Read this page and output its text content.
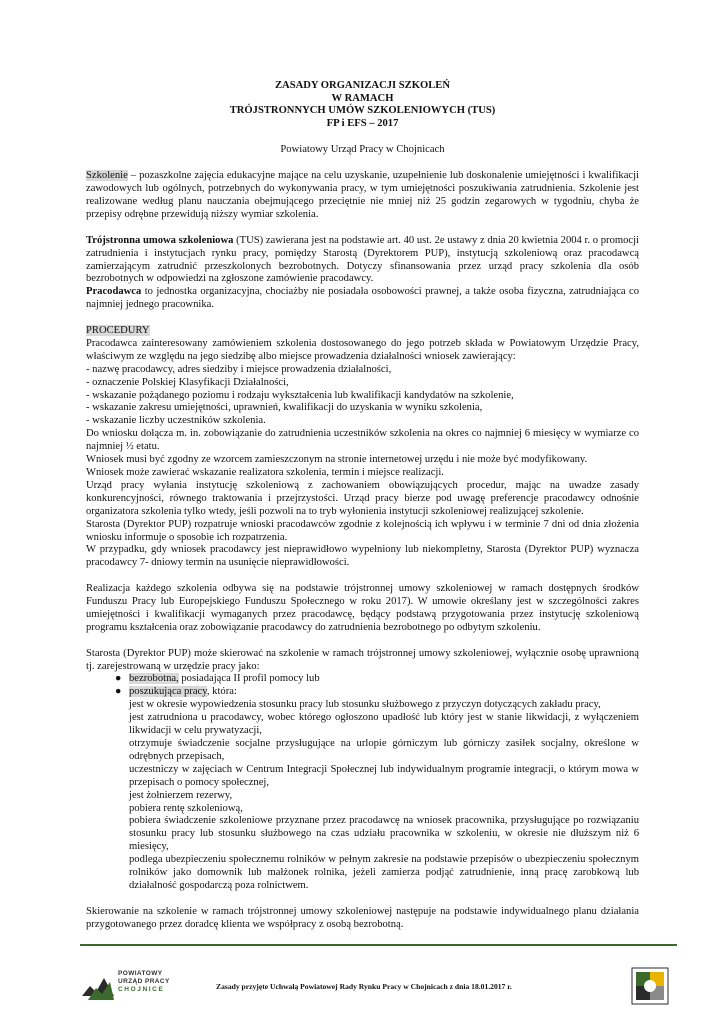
ZASADY ORGANIZACJI SZKOLEŃ
W RAMACH
TRÓJSTRONNYCH UMÓW SZKOLENIOWYCH (TUS)
FP i EFS – 2017
Powiatowy Urząd Pracy w Chojnicach

Szkolenie – pozaszkolne zajęcia edukacyjne mające na celu uzyskanie, uzupełnienie lub doskonalenie umiejętności i kwalifikacji zawodowych lub ogólnych, potrzebnych do wykonywania pracy, w tym umiejętności poszukiwania zatrudnienia. Szkolenie jest realizowane według planu nauczania obejmującego przeciętnie nie mniej niż 25 godzin zegarowych w tygodniu, chyba że przepisy odrębne przewidują niższy wymiar szkolenia.

Trójstronna umowa szkoleniowa (TUS) zawierana jest na podstawie art. 40 ust. 2e ustawy z dnia 20 kwietnia 2004 r. o promocji zatrudnienia i instytucjach rynku pracy, pomiędzy Starostą (Dyrektorem PUP), instytucją szkoleniową oraz pracodawcą zamierzającym zatrudnić przeszkolonych bezrobotnych. Dotyczy sfinansowania przez urząd pracy szkolenia dla osób bezrobotnych w odpowiedzi na zgłoszone zamówienie pracodawcy.

Pracodawca to jednostka organizacyjna, chociażby nie posiadała osobowości prawnej, a także osoba fizyczna, zatrudniająca co najmniej jednego pracownika.

PROCEDURY

Pracodawca zainteresowany zamówieniem szkolenia dostosowanego do jego potrzeb składa w Powiatowym Urzędzie Pracy, właściwym ze względu na jego siedzibę albo miejsce prowadzenia działalności wniosek zawierający:

- nazwę pracodawcy, adres siedziby i miejsce prowadzenia działalności,

- oznaczenie Polskiej Klasyfikacji Działalności,

- wskazanie pożądanego poziomu i rodzaju wykształcenia lub kwalifikacji kandydatów na szkolenie,

- wskazanie zakresu umiejętności, uprawnień, kwalifikacji do uzyskania w wyniku szkolenia,

- wskazanie liczby uczestników szkolenia.

Do wniosku dołącza m. in. zobowiązanie do zatrudnienia uczestników szkolenia na okres co najmniej 6 miesięcy w wymiarze co najmniej ½ etatu.

Wniosek musi być zgodny ze wzorcem zamieszczonym na stronie internetowej urzędu i nie może być modyfikowany.

Wniosek może zawierać wskazanie realizatora szkolenia, termin i miejsce realizacji.

Urząd pracy wyłania instytucję szkoleniową z zachowaniem obowiązujących procedur, mając na uwadze zasady konkurencyjności, równego traktowania i przejrzystości. Urząd pracy bierze pod uwagę preferencje pracodawcy odnośnie organizatora szkolenia tylko wtedy, jeśli pozwoli na to tryb wyłonienia instytucji szkoleniowej realizującej szkolenie.

Starosta (Dyrektor PUP) rozpatruje wnioski pracodawców zgodnie z kolejnością ich wpływu i w terminie 7 dni od dnia złożenia wniosku informuje o sposobie ich rozpatrzenia.

W przypadku, gdy wniosek pracodawcy jest nieprawidłowo wypełniony lub niekompletny, Starosta (Dyrektor PUP) wyznacza pracodawcy 7- dniowy termin na usunięcie nieprawidłowości.

Realizacja każdego szkolenia odbywa się na podstawie trójstronnej umowy szkoleniowej w ramach dostępnych środków Funduszu Pracy lub Europejskiego Funduszu Społecznego w roku 2017). W umowie określany jest w szczególności zakres umiejętności i kwalifikacji wymaganych przez pracodawcę, będący podstawą przygotowania przez instytucję szkoleniową programu kształcenia oraz zobowiązanie pracodawcy do zatrudnienia bezrobotnego po odbytym szkoleniu.

Starosta (Dyrektor PUP) może skierować na szkolenie w ramach trójstronnej umowy szkoleniowej, wyłącznie osobę uprawnioną tj. zarejestrowaną w urzędzie pracy jako:

● bezrobotna, posiadająca II profil pomocy lub
● poszukująca pracy, która:

jest w okresie wypowiedzenia stosunku pracy lub stosunku służbowego z przyczyn dotyczących zakładu pracy,

jest zatrudniona u pracodawcy, wobec którego ogłoszono upadłość lub który jest w stanie likwidacji, z wyłączeniem likwidacji w celu prywatyzacji,

otrzymuje świadczenie socjalne przysługujące na urlopie górniczym lub górniczy zasiłek socjalny, określone w odrębnych przepisach,

uczestniczy w zajęciach w Centrum Integracji Społecznej lub indywidualnym programie integracji, o którym mowa w przepisach o pomocy społecznej,

jest żołnierzem rezerwy,

pobiera rentę szkoleniową,

pobiera świadczenie szkoleniowe przyznane przez pracodawcę na wniosek pracownika, przysługujące po rozwiązaniu stosunku pracy lub stosunku służbowego na czas udziału pracownika w szkoleniu, w okresie nie dłuższym niż 6 miesięcy,

podlega ubezpieczeniu społecznemu rolników w pełnym zakresie na podstawie przepisów o ubezpieczeniu społecznym rolników jako domownik lub małżonek rolnika, jeżeli zamierza podjąć zatrudnienie, inną pracę zarobkową lub działalność gospodarczą poza rolnictwem.

Skierowanie na szkolenie w ramach trójstronnej umowy szkoleniowej następuje na podstawie indywidualnego planu działania przygotowanego przez doradcę klienta we współpracy z osobą bezrobotną.

POWIATOWY
URZĄD PRACY
CHOJNICE	Zasady przyjęte Uchwałą Powiatowej Rady Rynku Pracy w Chojnicach z dnia 18.01.2017 r.
